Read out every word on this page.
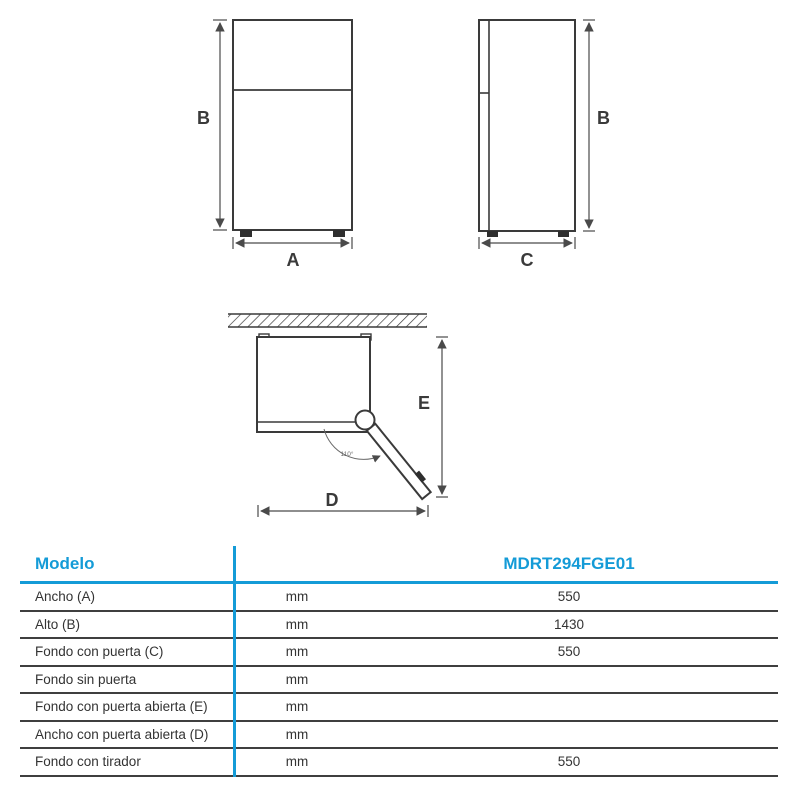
B
A
B
C
110°
E
D
Modelo	MDRT294FGE01
Ancho (A)	mm	550
Alto (B)	mm	1430
Fondo con puerta (C)	mm	550
Fondo sin puerta	mm
Fondo con puerta abierta (E)	mm
Ancho con puerta abierta (D)	mm
Fondo con tirador	mm	550
